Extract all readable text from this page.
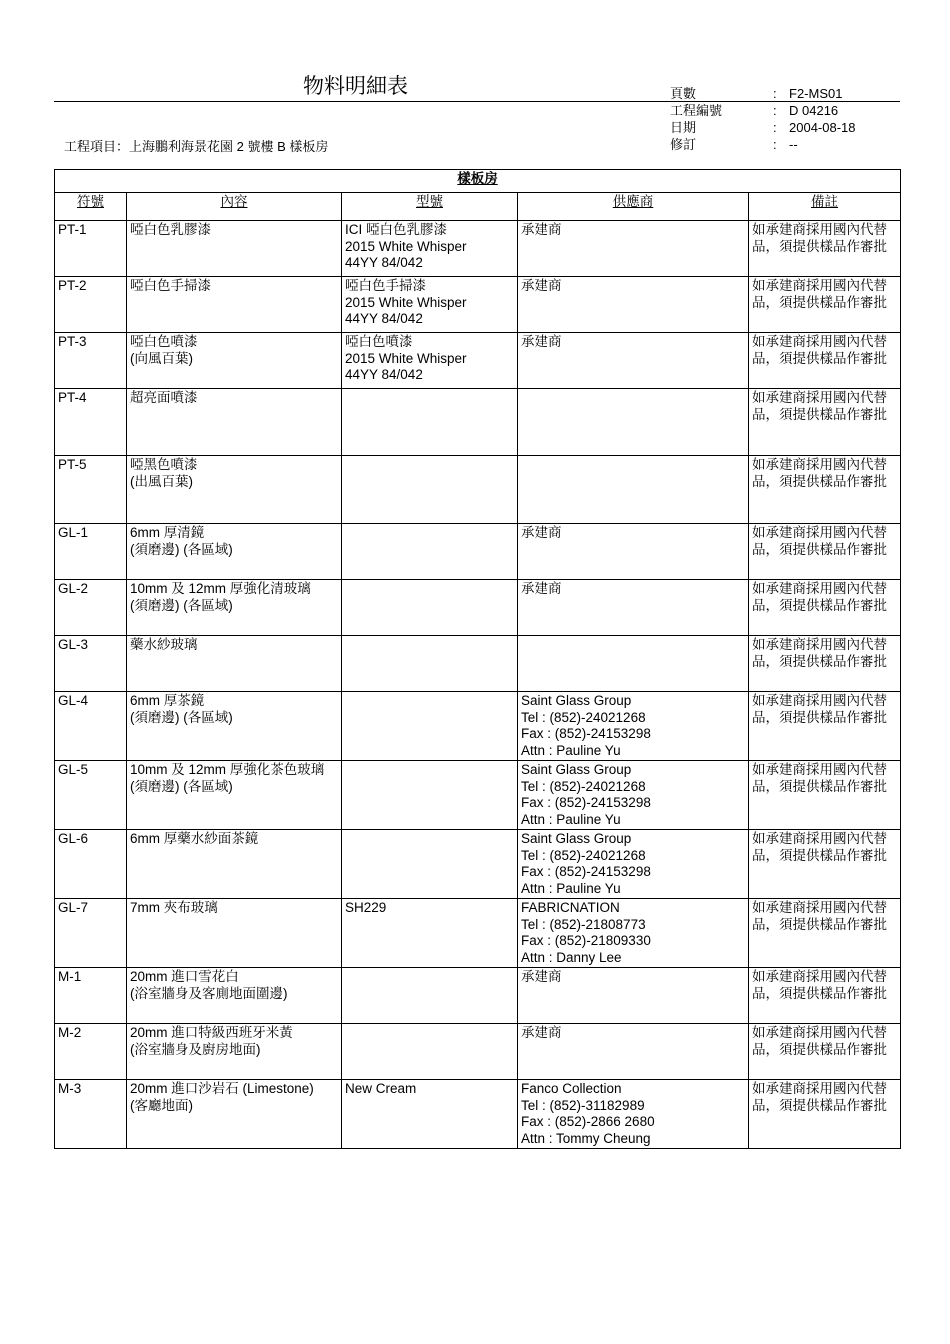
物料明細表	頁數	: F2-MS01
工程編號	: D 04216
日期	: 2004-08-18
修訂	: --
工程項目：上海鵬利海景花園 2 號樓 B 樣板房
樣板房				
符號	內容	型號	供應商	備註
PT-1	啞白色乳膠漆	ICI 啞白色乳膠漆
2015 White Whisper
44YY 84/042	承建商	如承建商採用國內代替品，須提供樣品作審批
PT-2	啞白色手掃漆	啞白色手掃漆
2015 White Whisper
44YY 84/042	承建商	如承建商採用國內代替品，須提供樣品作審批
PT-3	啞白色噴漆
(向風百葉)	啞白色噴漆
2015 White Whisper
44YY 84/042	承建商	如承建商採用國內代替品，須提供樣品作審批
PT-4	超亮面噴漆			如承建商採用國內代替品，須提供樣品作審批
PT-5	啞黑色噴漆
(出風百葉)			如承建商採用國內代替品，須提供樣品作審批
GL-1	6mm 厚清鏡
(須磨邊) (各區域)		承建商	如承建商採用國內代替品，須提供樣品作審批
GL-2	10mm 及 12mm 厚強化清玻璃
(須磨邊) (各區域)		承建商	如承建商採用國內代替品，須提供樣品作審批
GL-3	藥水紗玻璃			如承建商採用國內代替品，須提供樣品作審批
GL-4	6mm 厚茶鏡
(須磨邊) (各區域)		Saint Glass Group
Tel : (852)-24021268
Fax : (852)-24153298
Attn : Pauline Yu	如承建商採用國內代替品，須提供樣品作審批
GL-5	10mm 及 12mm 厚強化茶色玻璃
(須磨邊) (各區域)		Saint Glass Group
Tel : (852)-24021268
Fax : (852)-24153298
Attn : Pauline Yu	如承建商採用國內代替品，須提供樣品作審批
GL-6	6mm 厚藥水紗面茶鏡		Saint Glass Group
Tel : (852)-24021268
Fax : (852)-24153298
Attn : Pauline Yu	如承建商採用國內代替品，須提供樣品作審批
GL-7	7mm 夾布玻璃	SH229	FABRICNATION
Tel : (852)-21808773
Fax : (852)-21809330
Attn : Danny Lee	如承建商採用國內代替品，須提供樣品作審批
M-1	20mm 進口雪花白
(浴室牆身及客廁地面圍邊)		承建商	如承建商採用國內代替品，須提供樣品作審批
M-2	20mm 進口特級西班牙米黃
(浴室牆身及廚房地面)		承建商	如承建商採用國內代替品，須提供樣品作審批
M-3	20mm 進口沙岩石 (Limestone)
(客廳地面)	New Cream	Fanco Collection
Tel : (852)-31182989
Fax : (852)-2866 2680
Attn : Tommy Cheung	如承建商採用國內代替品，須提供樣品作審批
